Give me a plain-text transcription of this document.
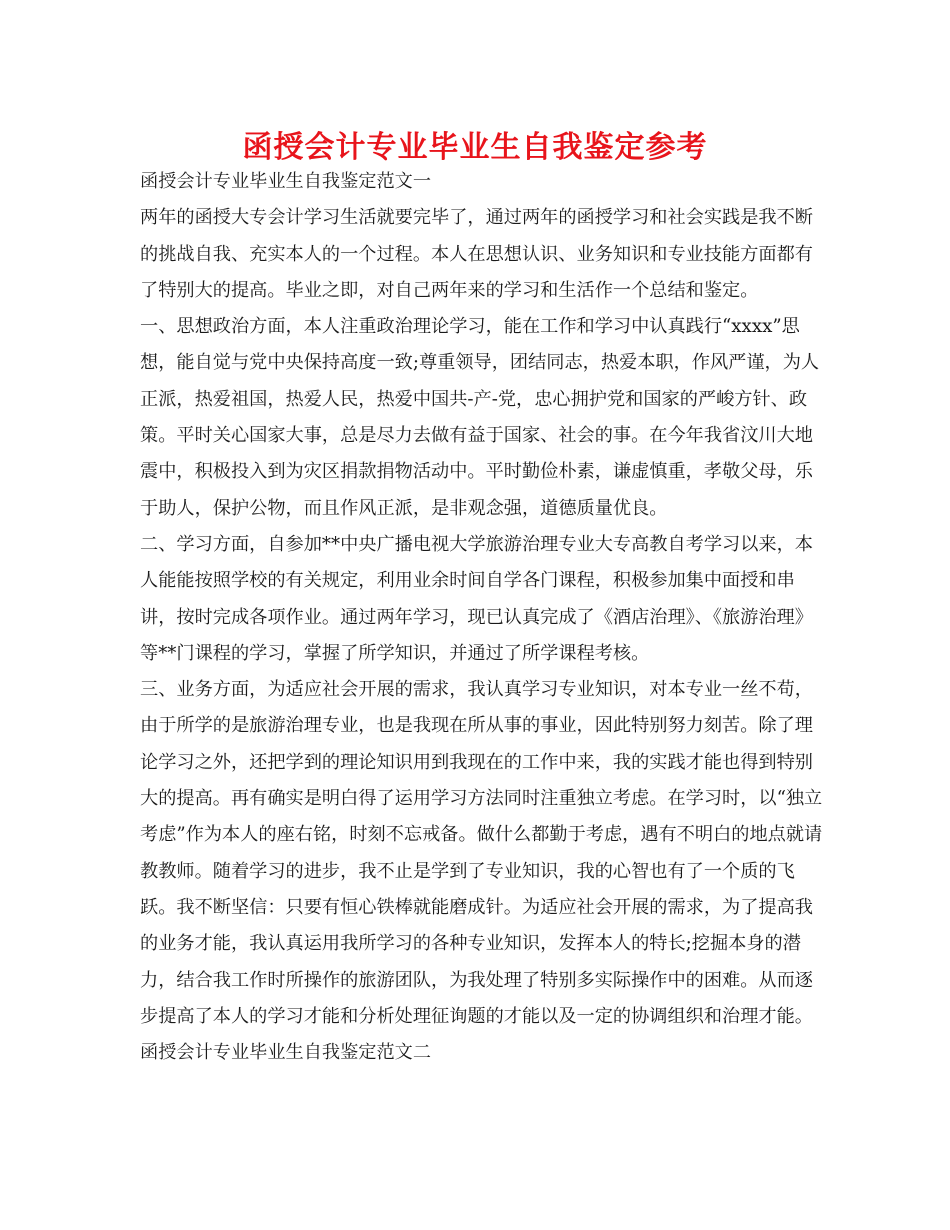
函授会计专业毕业生自我鉴定参考

函授会计专业毕业生自我鉴定范文一

两年的函授大专会计学习生活就要完毕了，通过两年的函授学习和社会实践是我不断的挑战自我、充实本人的一个过程。本人在思想认识、业务知识和专业技能方面都有了特别大的提高。毕业之即，对自己两年来的学习和生活作一个总结和鉴定。

一、思想政治方面，本人注重政治理论学习，能在工作和学习中认真践行“xxxx”思想，能自觉与党中央保持高度一致;尊重领导，团结同志，热爱本职，作风严谨，为人正派，热爱祖国，热爱人民，热爱中国共-产-党，忠心拥护党和国家的严峻方针、政策。平时关心国家大事，总是尽力去做有益于国家、社会的事。在今年我省汶川大地震中，积极投入到为灾区捐款捐物活动中。平时勤俭朴素，谦虚慎重，孝敬父母，乐于助人，保护公物，而且作风正派，是非观念强，道德质量优良。

二、学习方面，自参加**中央广播电视大学旅游治理专业大专高教自考学习以来，本人能能按照学校的有关规定，利用业余时间自学各门课程，积极参加集中面授和串讲，按时完成各项作业。通过两年学习，现已认真完成了《酒店治理》、《旅游治理》等**门课程的学习，掌握了所学知识，并通过了所学课程考核。

三、业务方面，为适应社会开展的需求，我认真学习专业知识，对本专业一丝不苟，由于所学的是旅游治理专业，也是我现在所从事的事业，因此特别努力刻苦。除了理论学习之外，还把学到的理论知识用到我现在的工作中来，我的实践才能也得到特别大的提高。再有确实是明白得了运用学习方法同时注重独立考虑。在学习时，以“独立考虑”作为本人的座右铭，时刻不忘戒备。做什么都勤于考虑，遇有不明白的地点就请教教师。随着学习的进步，我不止是学到了专业知识，我的心智也有了一个质的飞跃。我不断坚信：只要有恒心铁棒就能磨成针。为适应社会开展的需求，为了提高我的业务才能，我认真运用我所学习的各种专业知识，发挥本人的特长;挖掘本身的潜力，结合我工作时所操作的旅游团队，为我处理了特别多实际操作中的困难。从而逐步提高了本人的学习才能和分析处理征询题的才能以及一定的协调组织和治理才能。

函授会计专业毕业生自我鉴定范文二
